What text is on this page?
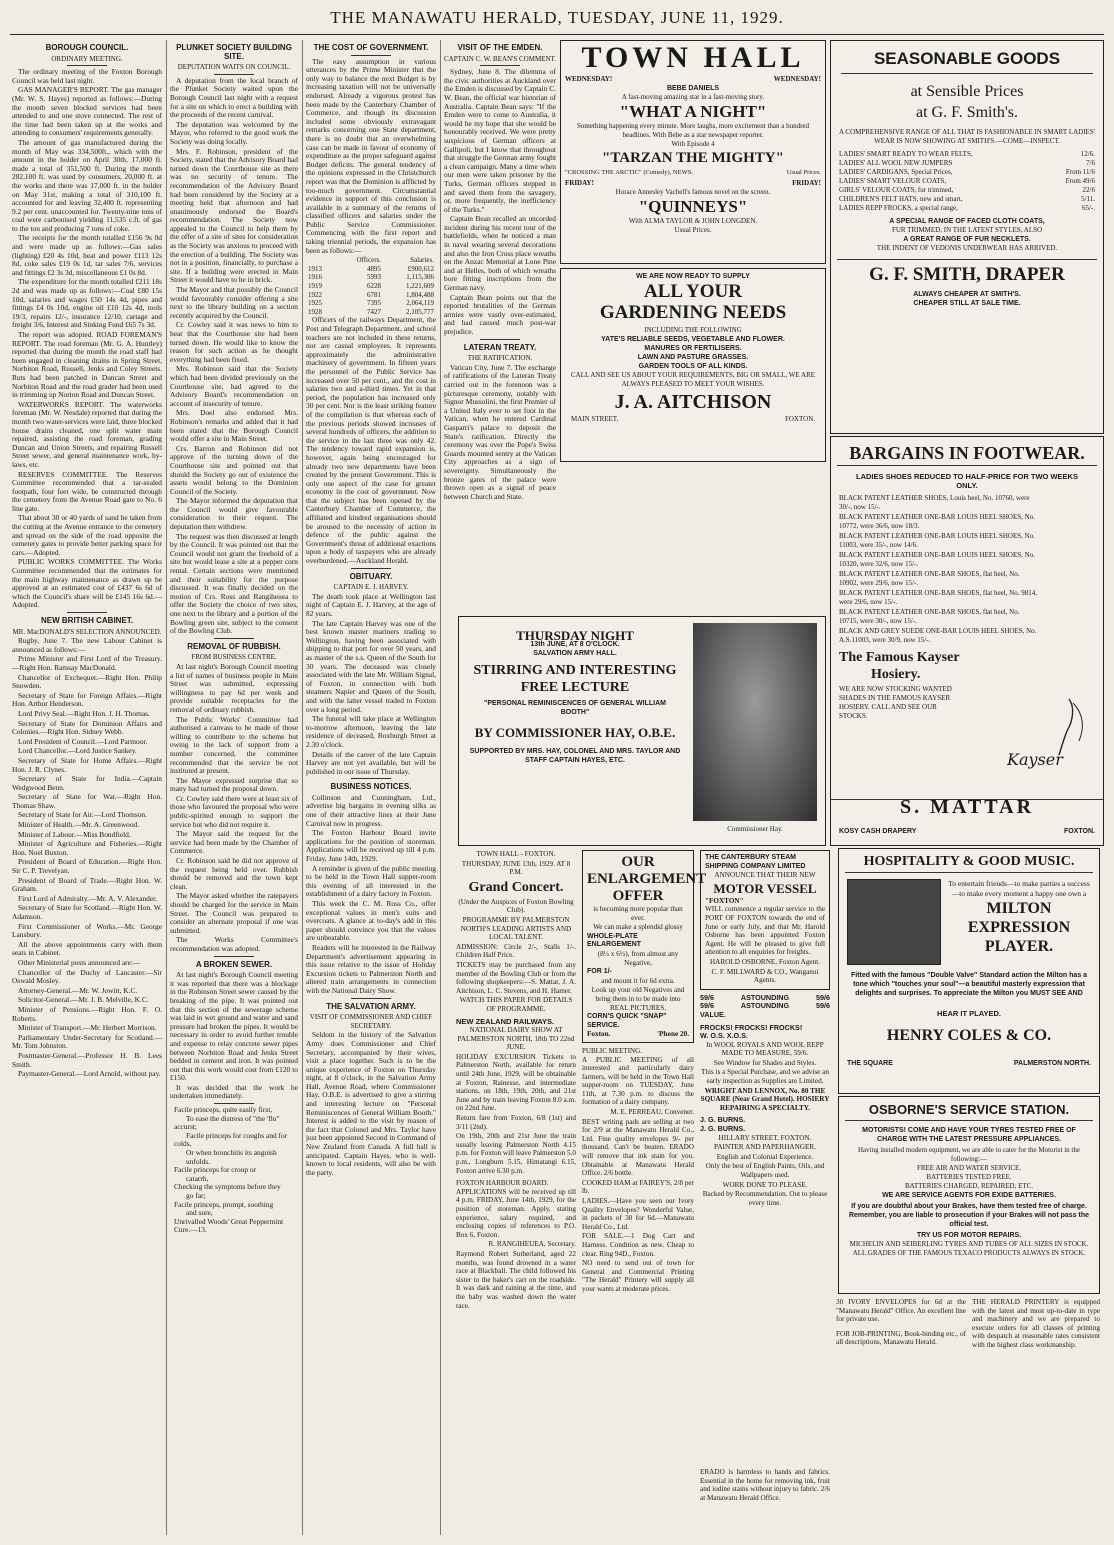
THE MANAWATU HERALD, TUESDAY, JUNE 11, 1929.
BOROUGH COUNCIL.
ORDINARY MEETING.

The ordinary meeting of the Foxton Borough Council was held last night.

GAS MANAGER'S REPORT. The gas manager (Mr. W. S. Hayes) reported as follows:—During the month seven blocked services had been attended to and one stove connected. The rest of the time had been taken up at the works and attending to consumers' requirements generally.

The amount of gas manufactured during the month of May was 334,500ft., which with the amount in the holder on April 30th, 17,000 ft. made a total of 351,500 ft. During the month 282,100 ft. was used by consumers, 20,000 ft. at the works and there was 17,000 ft. in the holder on May 31st, making a total of 310,100 ft. accounted for and leaving 32,400 ft. representing 9.2 per cent. unaccounted for. Twenty-nine tons of coal were carbonised yielding 11,535 c.ft. of gas to the ton and producing 7 tons of coke.

The receipts for the month totalled £156 9s 0d and were made up as follows:—Gas sales (lighting) £20 4s 10d, heat and power £113 12s 8d, coke sales £19 0s 1d, tar sales 7/6, services and fittings £2 3s 3d, miscellaneous £1 0s 8d.

The expenditure for the month totalled £211 18s 2d and was made up as follows:—Coal £80 15s 10d, salaries and wages £50 14s 4d, pipes and fittings £4 0s 10d, engine oil £10 12s 4d, tools 19/3, repairs 12/-, insurance 12/10, cartage and freight 3/6, Interest and Sinking Fund £65 7s 3d.

The report was adopted. ROAD FOREMAN'S REPORT. The road foreman (Mr. G. A. Huntley) reported that during the month the road staff had been engaged in cleaning drains in Spring Street, Norbiton Road, Russell, Jenks and Coley Streets. Ruts had been patched in Duncan Street and Norbiton Road and the road grader had been used in trimming up Norton Road and Duncan Street.

WATERWORKS REPORT. The waterworks foreman (Mr. W. Nesdale) reported that during the month two water-services were laid, three blocked house drains cleaned, one split water main repaired, assisting the road foreman, grading Duncan and Union Streets, and repairing Russell Street sewer, and general maintenance work, by-laws, etc.

RESERVES COMMITTEE. The Reserves Committee recommended that a tar-sealed footpath, four feet wide, be constructed through the cemetery from the Avenue Road gate to No. 6 line gate.

That about 30 or 40 yards of sand be taken from the cutting at the Avenue entrance to the cemetery and spread on the side of the road opposite the cemetery gates to provide better parking space for cars.—Adopted.

PUBLIC WORKS COMMITTEE. The Works Committee recommended that the estimates for the main highway maintenance as drawn up be approved at an estimated cost of £437 6s 6d of which the Council's share will be £145 16s 6d.—Adopted.

NEW BRITISH CABINET.
MR. MacDONALD'S SELECTION ANNOUNCED.

Rugby, June 7. The new Labour Cabinet is announced as follows:—

Prime Minister and First Lord of the Treasury.—Right Hon. Ramsay MacDonald.

Chancellor of Exchequer.—Right Hon. Philip Snowden.

Secretary of State for Foreign Affairs.—Right Hon. Arthur Henderson.

Lord Privy Seal.—Right Hon. J. H. Thomas.

Secretary of State for Dominion Affairs and Colonies.—Right Hon. Sidney Webb.

Lord President of Council.—Lord Parmoor.

Lord Chancellor.—Lord Justice Sankey.

Secretary of State for Home Affairs.—Right Hon. J. R. Clynes.

Secretary of State for India.—Captain Wedgwood Benn.

Secretary of State for War.—Right Hon. Thomas Shaw.

Secretary of State for Air.—Lord Thomson.

Minister of Health.—Mr. A. Greenwood.

Minister of Labour.—Miss Bondfield.

Minister of Agriculture and Fisheries.—Right Hon. Noel Buxton.

President of Board of Education.—Right Hon. Sir C. P. Trevelyan.

President of Board of Trade.—Right Hon. W. Graham.

First Lord of Admiralty.—Mr. A. V. Alexander.

Secretary of State for Scotland.—Right Hon. W. Adamson.

First Commissioner of Works.—Mr. George Lansbury.

All the above appointments carry with them seats in Cabinet.

Other Ministerial posts announced are:—

Chancellor of the Duchy of Lancaster.—Sir Oswald Mosley.

Attorney-General.—Mr. W. Jowitt, K.C.

Solicitor-General.—Mr. J. B. Melville, K.C.

Minister of Pensions.—Right Hon. F. O. Roberts.

Minister of Transport.—Mr. Herbert Morrison.

Parliamentary Under-Secretary for Scotland.—Mr. Tom Johnston.

Postmaster-General.—Professor H. B. Lees Smith.

Paymaster-General.—Lord Arnold, without pay.

PLUNKET SOCIETY BUILDING SITE.
DEPUTATION WAITS ON COUNCIL.

A deputation from the local branch of the Plunket Society waited upon the Borough Council last night with a request for a site on which to erect a building with the proceeds of the recent carnival.

The deputation was welcomed by the Mayor, who referred to the good work the Society was doing locally.

Mrs. F. Robinson, president of the Society, stated that the Advisory Board had turned down the Courthouse site as there was no security of tenure. The recommendation of the Advisory Board had been considered by the Society at a meeting held that afternoon and had unanimously endorsed the Board's recommendation. The Society now appealed to the Council to help them by the offer of a site of sites for consideration as the Society was anxious to proceed with the erection of a building. The Society was not in a position, financially, to purchase a site. If a building were erected in Main Street it would have to be in brick.

The Mayor and that possibly the Council would favourably consider offering a site next to the library building on a section recently acquired by the Council.

Cr. Cowley said it was news to him to hear that the Courthouse site had been turned down. He would like to know the reason for such action as he thought everything had been fixed.

Mrs. Robinson said that the Society which had been divided previously on the Courthouse site, had agreed to the Advisory Board's recommendation on account of insecurity of tenure.

Mrs. Doel also endorsed Mrs. Robinson's remarks and added that it had been stated that the Borough Council would offer a site in Main Street.

Crs. Barron and Robinson did not approve of the turning down of the Courthouse site and pointed out that should the Society go out of existence the assets would belong to the Dominion Council of the Society.

The Mayor informed the deputation that the Council would give favourable consideration to their request. The deputation then withdrew.

The request was then discussed at length by the Council. It was pointed out that the Council would not grant the freehold of a site but would lease a site at a pepper corn rental. Certain sections were mentioned and their suitability for the purpose discussed. It was finally decided on the motion of Crs. Ross and Rangiheuea to offer the Society the choice of two sites, one next to the library and a portion of the Bowling green site, subject to the consent of the Bowling Club.

REMOVAL OF RUBBISH.
FROM BUSINESS CENTRE.

At last night's Borough Council meeting a list of names of business people in Main Street was submitted, expressing willingness to pay 6d per week and provide suitable receptacles for the removal of ordinary rubbish.

The Public Works' Committee had authorised a canvass to be made of those willing to contribute to the scheme but owing to the lack of support from a number concerned, the committee recommended that the service be not instituted at present.

The Mayor expressed surprise that so many had turned the proposal down.

Cr. Cowley said there were at least six of those who favoured the proposal who were public-spirited enough to support the service but who did not require it.

The Mayor said the request for the service had been made by the Chamber of Commerce.

Cr. Robinson said he did not approve of the request being held over. Rubbish should be removed and the town kept clean.

The Mayor asked whether the ratepayers should be charged for the service in Main Street. The Council was prepared to consider an alternate proposal if one was submitted.

The Works Committee's recommendation was adopted.

A BROKEN SEWER.

At last night's Borough Council meeting it was reported that there was a blockage in the Robinson Street sewer caused by the breaking of the pipe. It was pointed out that this section of the sewerage scheme was laid in wet ground and water and sand pressure had broken the pipes. It would be necessary in order to avoid further trouble and expense to relay concrete sewer pipes between Norbiton Road and Jenks Street bedded in cement and iron. It was pointed out that this work would cost from £120 to £150.

It was decided that the work be undertaken immediately.

Facile princeps, quite easily first,
To ease the distress of "the 'flu"
accurst;
Facile princeps for coughs and for
colds,
Or when bronchitis its anguish unfolds.
Facile princeps for croup or
catarrh,
Checking the symptoms before they
go far;
Facile princeps, prompt, soothing
and sure,
Unrivalled Woods' Great Peppermint Cure.—13.
THE COST OF GOVERNMENT.

The easy assumption in various utterances by the Prime Minister that the only way to balance the next Budget is by increasing taxation will not be universally endorsed. Already a vigorous protest has been made by the Canterbury Chamber of Commerce, and though its discussion included some obviously extravagant remarks concerning one State department, there is no doubt that an overwhelming case can be made in favour of economy of expenditure as the proper safeguard against Budget deficits. The general tendency of the opinions expressed in the Christchurch report was that the Dominion is afflicted by too-much government. Circumstantial evidence in support of this conclusion is available in a summary of the returns of classified officers and salaries under the Public Service Commissioner. Commencing with the first report and taking triennial periods, the expansion has been as follows:—

	Officers.	Salaries.
1913	4895	£900,612
1916	5993	1,115,306
1919	6228	1,221,609
1922	6781	1,804,488
1925	7395	2,064,119
1928	7427	2,105,777

Officers of the railways Department, the Post and Telegraph Department, and school teachers are not included in these returns, nor are casual employees. It represents approximately the administrative machinery of government. In fifteen years the personnel of the Public Service has increased over 50 per cent., and the cost in salaries two and a-third times. Yet in that period, the population has increased only 30 per cent. Nor is the least striking feature of the compilation is that whereas each of the previous periods showed increases of several hundreds of officers, the addition to the service in the last three was only 42. The tendency toward rapid expansion is, however, again being encouraged for already two new departments have been created by the present Government. This is only one aspect of the case for greater economy in the cost of government. Now that the subject has been opened by the Canterbury Chamber of Commerce, the affiliated and kindred organisations should be aroused to the necessity of action in defence of the public against the Government's threat of additional exactions upon a body of taxpayers who are already overburdened.—Auckland Herald.

OBITUARY.
CAPTAIN E. J. HARVEY.

The death took place at Wellington last night of Captain E. J. Harvey, at the age of 82 years.

The late Captain Harvey was one of the best known master mariners trading to Wellington, having been associated with shipping to that port for over 50 years, and as master of the s.s. Queen of the South for 30 years. The deceased was closely associated with the late Mr. William Signal, of Foxton, in connection with both steamers Napier and Queen of the South, and with the latter vessel traded to Foxton over a long period.

The funeral will take place at Wellington to-morrow afternoon, leaving the late residence of deceased, Roxburgh Street at 2.30 o'clock.

Details of the career of the late Captain Harvey are not yet available, but will be published in our issue of Thursday.

BUSINESS NOTICES.

Collinson and Cunningham, Ltd., advertise big bargains in evening silks as one of their attractive lines at their June Carnival now in progress.

The Foxton Harbour Board invite applications for the position of storeman. Applications will be received up till 4 p.m. Friday, June 14th, 1929.

A reminder is given of the public meeting to be held in the Town Hall supper-room this evening of all interested in the establishment of a dairy factory in Foxton.

This week the C. M. Ross Co., offer exceptional values in men's suits and overcoats. A glance at to-day's add in this paper should convince you that the values are unbeatable.

Readers will be interested in the Railway Department's advertisement appearing in this issue relative to the issue of Holiday Excursion tickets to Palmerston North and altered train arrangements in connection with the National Dairy Show.

THE SALVATION ARMY.
VISIT OF COMMISSIONER AND CHIEF SECRETARY.

Seldom in the history of the Salvation Army does Commissioner and Chief Secretary, accompanied by their wives, visit a place together. Such is to be the unique experience of Foxton on Thursday night, at 8 o'clock, in the Salvation Army Hall, Avenue Road, where Commissioner Hay, O.B.E. is advertised to give a stirring and interesting lecture on "Personal Reminiscences of General William Booth." Interest is added to the visit by reason of the fact that Colonel and Mrs. Taylor have just been appointed Second in Command of New Zealand from Canada. A full hall is anticipated. Captain Hayes, who is well-known to local residents, will also be with the party.

VISIT OF THE EMDEN.
CAPTAIN C. W. BEAN'S COMMENT.

Sydney, June 8. The dilemma of the civic authorities at Auckland over the Emden is discussed by Captain C. W. Bean, the official war historian of Australia. Captain Bean says: "If the Emden were to come to Australia, it would be my hope that she would be honourably received. We were pretty suspicious of German officers at Gallipoli, but I know that throughout that struggle the German army fought a clean campaign. Many a time when our men were taken prisoner by the Turks, German officers stepped in and saved them from the savagery, or, more frequently, the inefficiency of the Turks."

Captain Bean recalled an uncorded incident during his recent tour of the battlefields, when he noticed a man in naval wearing several decorations and also the Iron Cross place wreaths on the Anzac Memorial at Lone Pine and at Helles, both of which wreaths bore fitting inscriptions from the German navy.

Captain Bean points out that the reported brutalities of the German armies were vastly over-estimated, and had caused much post-war prejudice.

LATERAN TREATY.
THE RATIFICATION.

Vatican City, June 7. The exchange of ratifications of the Lateran Treaty carried out in the forenoon was a picturesque ceremony, notably with Signor Mussolini, the first Premier of a United Italy ever to set foot in the Vatican, when he entered Cardinal Gasparri's palace to deposit the State's ratification. Directly the ceremony was over the Pope's Swiss Guards mounted sentry at the Vatican City approaches as a sign of sovereignty. Simultaneously the bronze gates of the palace were thrown open as a signal of peace between Church and State.

TOWN HALL
WEDNESDAY!	WEDNESDAY!
BEBE DANIELS
A fast-moving amazing star in a fast-moving story.
"WHAT A NIGHT"
Something happening every minute. More laughs, more excitement than a hundred headlines. With Bebe as a star newspaper reporter.
With Episode 4
"TARZAN THE MIGHTY"
"CROSSING THE ARCTIC" (Comedy), NEWS.	Usual Prices.
FRIDAY!	FRIDAY!
Horace Annesley Vachell's famous novel on the screen.
"QUINNEYS"
With ALMA TAYLOR & JOHN LONGDEN.
Usual Prices.
WE ARE NOW READY TO SUPPLY
ALL YOUR
GARDENING NEEDS
INCLUDING THE FOLLOWING
YATE'S RELIABLE SEEDS, VEGETABLE AND FLOWER.
MANURES OR FERTILISERS.
LAWN AND PASTURE GRASSES.
GARDEN TOOLS OF ALL KINDS.
CALL AND SEE US ABOUT YOUR REQUIREMENTS, BIG OR SMALL, WE ARE ALWAYS PLEASED TO MEET YOUR WISHES.
J. A. AITCHISON
MAIN STREET,	FOXTON.
THURSDAY NIGHT
13th JUNE, AT 8 O'CLOCK.
SALVATION ARMY HALL.
STIRRING AND INTERESTING FREE LECTURE
"PERSONAL REMINISCENCES OF GENERAL WILLIAM BOOTH"
BY COMMISSIONER HAY, O.B.E.
SUPPORTED BY MRS. HAY, COLONEL AND MRS. TAYLOR AND STAFF CAPTAIN HAYES, ETC.
Commissioner Hay.
SEASONABLE GOODS
at Sensible Prices
at G. F. Smith's.
A COMPREHENSIVE RANGE OF ALL THAT IS FASHIONABLE IN SMART LADIES' WEAR IS NOW SHOWING AT SMITH'S.—COME—INSPECT.
LADIES' SMART READY TO WEAR FELTS,	12/6.
LADIES' ALL WOOL NEW JUMPERS	7/6
LADIES' CARDIGANS, Special Prices,	From 11/6
LADIES' SMART VELOUR COATS,	From 49/6
GIRLS' VELOUR COATS, fur trimmed,	22/6
CHILDREN'S FELT HATS, new and smart,	5/11.
LADIES REPP FROCKS, a special range,	65/-.
A SPECIAL RANGE OF FACED CLOTH COATS,
FUR TRIMMED, IN THE LATEST STYLES, ALSO
A GREAT RANGE OF FUR NECKLETS.
THE INDENT OF VEDONIS UNDERWEAR HAS ARRIVED.
G. F. SMITH, DRAPER
ALWAYS CHEAPER AT SMITH'S.
CHEAPER STILL AT SALE TIME.
BARGAINS IN FOOTWEAR.
LADIES SHOES REDUCED TO HALF-PRICE FOR TWO WEEKS ONLY.
BLACK PATENT LEATHER SHOES, Louis heel, No. 10760, were 30/-, now 15/-.
BLACK PATENT LEATHER ONE-BAR LOUIS HEEL SHOES, No. 10772, were 36/6, now 18/3.
BLACK PATENT LEATHER ONE-BAR LOUIS HEEL SHOES, No. 11003, were 35/-, now 14/6.
BLACK PATENT LEATHER ONE-BAR LOUIS HEEL SHOES, No. 10320, were 32/6, now 15/-.
BLACK PATENT LEATHER ONE-BAR SHOES, flat heel, No. 10902, were 29/6, now 15/-.
BLACK PATENT LEATHER ONE-BAR SHOES, flat heel, No. 9814, were 29/6, now 15/-.
BLACK PATENT LEATHER ONE-BAR SHOES, flat heel, No. 10715, were 30/-, now 15/-.
BLACK AND GREY SUEDE ONE-BAR LOUIS HEEL SHOES, No. A.S.11003, were 30/9, now 15/-.
The Famous Kayser
Hosiery.
WE ARE NOW STOCKING WANTED SHADES IN THE FAMOUS KAYSER HOSIERY. CALL AND SEE OUR STOCKS.
Kayser
S. MATTAR
KOSY CASH DRAPERY	FOXTON.
HOSPITALITY & GOOD MUSIC.
To entertain friends—to make parties a success—to make every moment a happy one own a
MILTON
EXPRESSION
PLAYER.
Fitted with the famous "Double Valve" Standard action the Milton has a tone which "touches your soul"—a beautiful masterly expression that delights and surprises. To appreciate the Milton you MUST SEE AND
HEAR IT PLAYED.
HENRY COLES & CO.
THE SQUARE	PALMERSTON NORTH.
OSBORNE'S SERVICE STATION.
MOTORISTS! COME AND HAVE YOUR TYRES TESTED FREE OF CHARGE WITH THE LATEST PRESSURE APPLIANCES.
Having installed modern equipment, we are able to cater for the Motorist in the following:—
FREE AIR AND WATER SERVICE.
BATTERIES TESTED FREE.
BATTERIES CHARGED, REPAIRED, ETC.
WE ARE SERVICE AGENTS FOR EXIDE BATTERIES.
If you are doubtful about your Brakes, have them tested free of charge. Remember, you are liable to prosecution if your Brakes will not pass the official test.
TRY US FOR MOTOR REPAIRS.
MICHELIN AND SEIBERLING TYRES AND TUBES OF ALL SIZES IN STOCK.
ALL GRADES OF THE FAMOUS TEXACO PRODUCTS ALWAYS IN STOCK.

TOWN HALL - FOXTON.

THURSDAY, JUNE 13th, 1929. AT 8 P.M.

Grand Concert.

(Under the Auspices of Foxton Bowling Club).

PROGRAMME BY PALMERSTON NORTH'S LEADING ARTISTS AND LOCAL TALENT.

ADMISSION: Circle 2/-, Stalls 1/-. Children Half Price.

TICKETS may be purchased from any member of the Bowling Club or from the following shopkeepers:—S. Mattar, J. A. Aitchison, L. C. Stevens, and H. Hamer.

WATCH THIS PAPER FOR DETAILS OF PROGRAMME.

NEW ZEALAND RAILWAYS.

NATIONAL DAIRY SHOW AT PALMERSTON NORTH, 18th TO 22nd JUNE.

HOLIDAY EXCURSION Tickets to Palmerston North, available for return until 24th June, 1929, will be obtainable at Foxton, Rainesse, and intermediate stations, on 18th, 19th, 20th, and 21st June and by train leaving Foxton 8.0 a.m. on 22nd June.

Return fare from Foxton, 6/8 (1st) and 3/11 (2nd).

On 19th, 20th and 21st June the train usually leaving Palmerston North 4.15 p.m. for Foxton will leave Palmerston 5.0 p.m., Longburn 5.15, Himatangi 6.15, Foxton arrive 6.30 p.m.

FOXTON HARBOUR BOARD.

APPLICATIONS will be received up till 4 p.m. FRIDAY, June 14th, 1929, for the position of storeman. Apply, stating experience, salary required, and enclosing copies of references to P.O. Box 6, Foxton.

R. RANGIHEUEA, Secretary.

Raymond Robert Sutherland, aged 22 months, was found drowned in a water race at Blackball. The child followed his sister to the baker's cart on the roadside. It was dark and raining at the time, and the baby was washed down the water race.

OUR ENLARGEMENT OFFER

is becoming more popular than ever.

We can make a splendid glossy

WHOLE-PLATE ENLARGEMENT

(8½ x 6½), from almost any Negative,

FOR 1/-

and mount it for 6d extra.

Look up your old Negatives and bring them in to be made into REAL PICTURES.

CORN'S QUICK "SNAP" SERVICE.
Foxton.	'Phone 20.
PUBLIC MEETING.

A PUBLIC MEETING of all interested and particularly dairy farmers, will be held in the Town Hall supper-room on TUESDAY, June 11th, at 7.30 p.m. to discuss the formation of a dairy company.

M. E. PERREAU, Convener.

BEST writing pads are selling at two for 2/9 at the Manawatu Herald Co., Ltd. Fine quality envelopes 9/- per thousand. Can't be beaten. ERADO will remove that ink stain for you. Obtainable at Manawatu Herald Office. 2/6 bottle.

COOKED HAM at FAIREY'S, 2/8 per lb.

LADIES.—Have you seen our Ivory Quality Envelopes? Wonderful Value, in packets of 30 for 6d.—Manawatu Herald Co., Ltd.

FOR SALE.—1 Dog Cart and Harness. Condition as new. Cheap to clear. Ring 94D., Foxton.

NO need to send out of town for General and Commercial Printing "The Herald" Printery will supply all your wants at moderate prices.

THE CANTERBURY STEAM SHIPPING COMPANY LIMITED

ANNOUNCE THAT THEIR NEW

MOTOR VESSEL
"FOXTON"

WILL commence a regular service to the PORT OF FOXTON towards the end of June or early July, and that Mr. Harold Osborne has been appointed Foxton Agent. He will be pleased to give full attention to all enquiries for freights.

HAROLD OSBORNE, Foxton Agent.

C. F. MILLWARD & CO., Wanganui Agents.

59/6	ASTOUNDING	59/6
59/6	ASTOUNDING	59/6
VALUE.
FROCKS! FROCKS! FROCKS!
W. O.S. X.O.S.

In WOOL ROYALS AND WOOL REPP MADE TO MEASURE, 59/6.

See Window for Shades and Styles.

This is a Special Purchase, and we advise an early inspection as Supplies are Limited.

WRIGHT AND LENNOX, No. 80 THE SQUARE (Near Grand Hotel). HOSIERY REPAIRING A SPECIALTY.

J. G. BURNS.
J. G. BURNS.

HILLARY STREET, FOXTON.

PAINTER AND PAPERHANGER.

English and Colonial Experience.

Only the best of English Paints, Oils, and Wallpapers used.

WORK DONE TO PLEASE.

Backed by Recommendation. Out to please every time.

ERADO is harmless to hands and fabrics. Essential in the home for removing ink, fruit and iodine stains without injury to fabric. 2/6 at Manawatu Herald Office.

30 IVORY ENVELOPES for 6d at the "Manawatu Herald" Office. An excellent line for private use.

FOR JOB-PRINTING, Book-binding etc., of all descriptions, Manawatu Herald.

THE HERALD PRINTERY is equipped with the latest and most up-to-date in type and machinery and we are prepared to execute orders for all classes of printing with despatch at reasonable rates consistent with the highest class workmanship.
